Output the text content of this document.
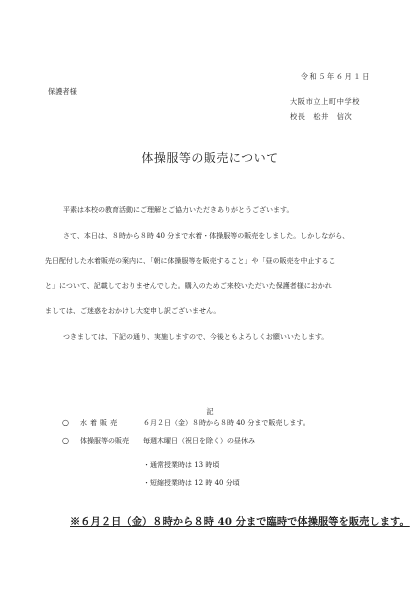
令和５年６月１日
保護者様
大阪市立上町中学校
校長　松井　信次
体操服等の販売について
平素は本校の教育活動にご理解とご協力いただきありがとうございます。
さて、本日は、８時から８時 40 分まで水着・体操服等の販売をしました。しかしながら、
先日配付した水着販売の案内に、「朝に体操服等を販売すること」や「昼の販売を中止するこ
と」について、記載しておりませんでした。購入のためご来校いただいた保護者様におかれ
ましては、ご迷惑をおかけし大変申し訳ございません。
つきましては、下記の通り、実施しますので、今後ともよろしくお願いいたします。
記
○ 水 着 販 売	６月２日（金）８時から８時 40 分まで販売します。
○ 体操服等の販売 毎週木曜日（祝日を除く）の昼休み
・通常授業時は 13 時頃
・短縮授業時は 12 時 40 分頃
※６月２日（金）８時から８時 40 分まで臨時で体操服等を販売します。
